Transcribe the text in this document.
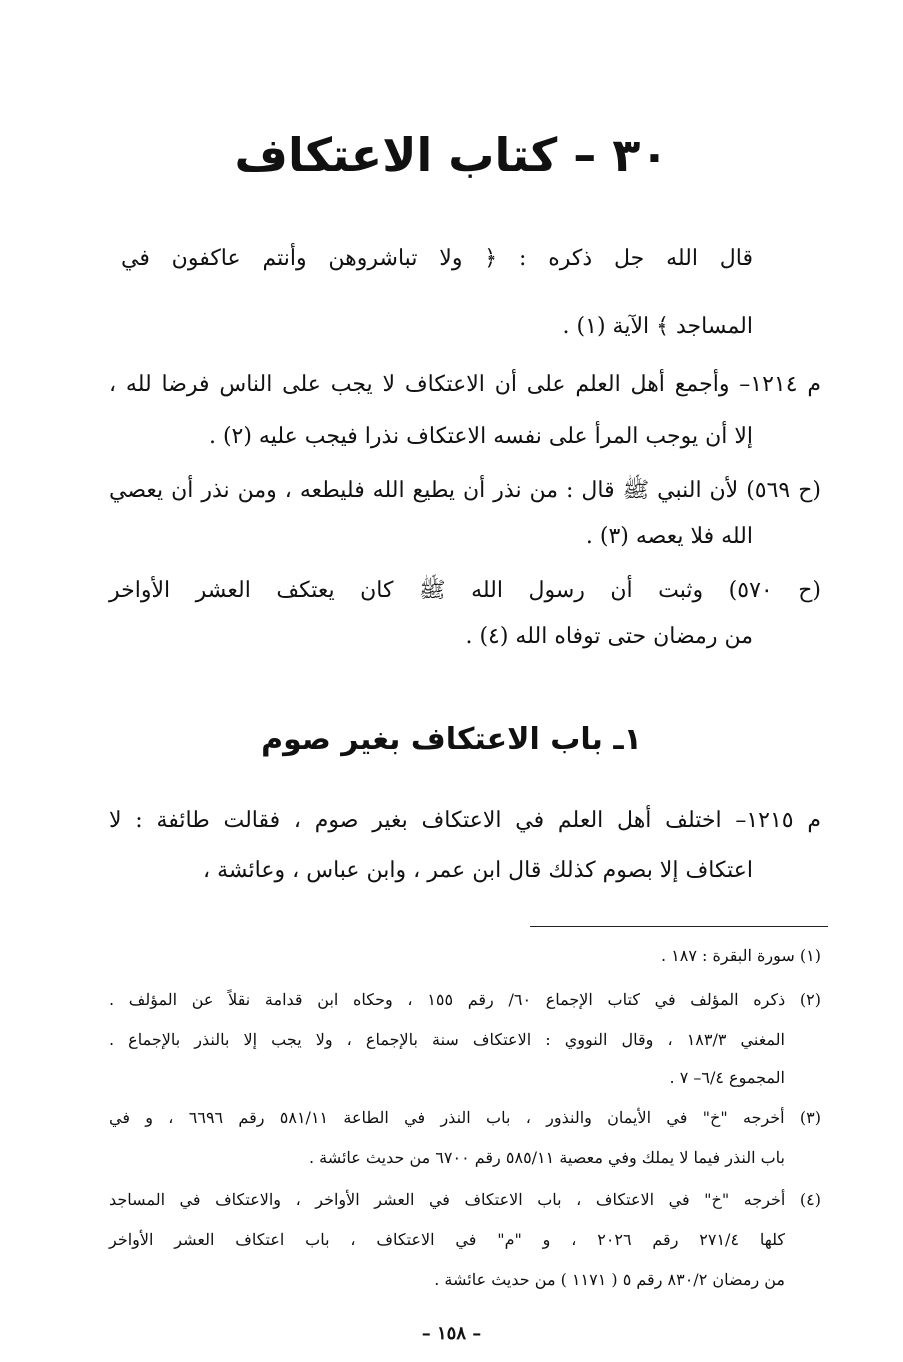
٣٠ – كتاب الاعتكاف
قال الله جل ذكره : ﴿ ولا تباشروهن وأنتم عاكفون في
المساجد ﴾ الآية (١) .
م ١٢١٤– وأجمع أهل العلم على أن الاعتكاف لا يجب على الناس فرضا لله ،
إلا أن يوجب المرأ على نفسه الاعتكاف نذرا فيجب عليه (٢) .
(ح ٥٦٩) لأن النبي ﷺ قال : من نذر أن يطيع الله فليطعه ، ومن نذر أن يعصي
الله فلا يعصه (٣) .
(ح ٥٧٠) وثبت أن رسول الله ﷺ كان يعتكف العشر الأواخر
من رمضان حتى توفاه الله (٤) .
١ـ باب الاعتكاف بغير صوم
م ١٢١٥– اختلف أهل العلم في الاعتكاف بغير صوم ، فقالت طائفة : لا
اعتكاف إلا بصوم كذلك قال ابن عمر ، وابن عباس ، وعائشة ،
(١) سورة البقرة : ١٨٧ .
(٢) ذكره المؤلف في كتاب الإجماع ٦٠/ رقم ١٥٥ ، وحكاه ابن قدامة نقلاً عن المؤلف .
المغني ١٨٣/٣ ، وقال النووي : الاعتكاف سنة بالإجماع ، ولا يجب إلا بالنذر بالإجماع .
المجموع ٦/٤– ٧ .
(٣) أخرجه "خ" في الأيمان والنذور ، باب النذر في الطاعة ٥٨١/١١ رقم ٦٦٩٦ ، و في
باب النذر فيما لا يملك وفي معصية ٥٨٥/١١ رقم ٦٧٠٠ من حديث عائشة .
(٤) أخرجه "خ" في الاعتكاف ، باب الاعتكاف في العشر الأواخر ، والاعتكاف في المساجد
كلها ٢٧١/٤ رقم ٢٠٢٦ ، و "م" في الاعتكاف ، باب اعتكاف العشر الأواخر
من رمضان ٨٣٠/٢ رقم ٥ ( ١١٧١ ) من حديث عائشة .
– ١٥٨ –
